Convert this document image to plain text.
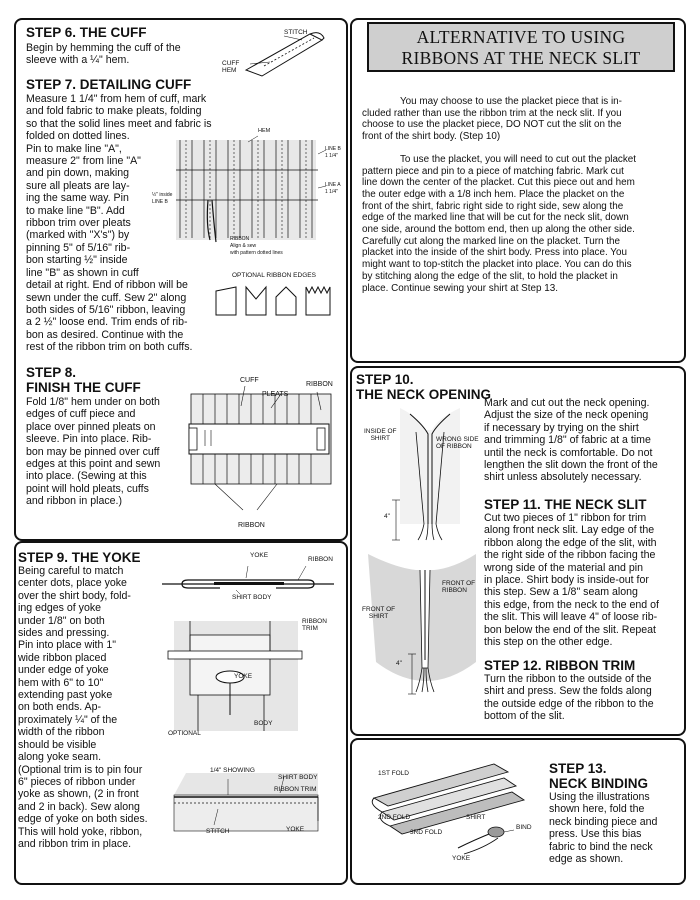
STEP 6. THE CUFF

Begin by hemming the cuff of the

sleeve with a ¼" hem.

STITCH
CUFF
HEM

STEP 7. DETAILING CUFF

Measure 1 1/4" from hem of cuff, mark

and fold fabric to make pleats, folding

so that the solid lines meet and fabric is

folded on dotted lines.

Pin to make line "A",

measure 2" from line "A"

and pin down, making

sure all pleats are lay-

ing the same way. Pin

to make line "B". Add

ribbon trim over pleats

(marked with "X's") by

pinning 5" of 5/16" rib-

bon starting ½" inside

line "B" as shown in cuff

detail at right. End of ribbon will be

sewn under the cuff. Sew 2" along

both sides of 5/16" ribbon, leaving

a 2 ½" loose end. Trim ends of rib-

bon as desired. Continue with the

rest of the ribbon trim on both cuffs.

HEM
LINE B
1 1/4"
LINE A
1 1/4"
½" inside
LINE B
RIBBON
Align & sew
with pattern dotted lines
OPTIONAL RIBBON EDGES

STEP 8.

FINISH THE CUFF

Fold 1/8" hem under on both

edges of cuff piece and

place over pinned pleats on

sleeve. Pin into place. Rib-

bon may be pinned over cuff

edges at this point and sewn

into place. (Sewing at this

point will hold pleats, cuffs

and ribbon in place.)

CUFF
PLEATS
RIBBON
RIBBON

STEP 9. THE YOKE

Being careful to match

center dots, place yoke

over the shirt body, fold-

ing edges of yoke

under 1/8" on both

sides and pressing.

Pin into place with 1"

wide ribbon placed

under edge of yoke

hem with 6" to 10"

extending past yoke

on both ends. Ap-

proximately ¼" of the

width of the ribbon

should be visible

along yoke seam.

(Optional trim is to pin four

6" pieces of ribbon under

yoke as shown, (2 in front

and 2 in back). Sew along

edge of yoke on both sides.

This will hold yoke, ribbon,

and ribbon trim in place.

YOKE
RIBBON
SHIRT BODY
RIBBON
TRIM
YOKE
BODY
OPTIONAL
1/4" SHOWING
SHIRT BODY
RIBBON TRIM
STITCH	YOKE
ALTERNATIVE TO USING
RIBBONS AT THE NECK SLIT

You may choose to use the placket piece that is in-

cluded rather than use the ribbon trim at the neck slit. If you

choose to use the placket piece, DO NOT cut the slit on the

front of the shirt body. (Step 10)

To use the placket, you will need to cut out the placket

pattern piece and pin to a piece of matching fabric. Mark cut

line down the center of the placket. Cut this piece out and hem

the outer edge with a 1/8 inch hem. Place the placket on the

front of the shirt, fabric right side to right side, sew along the

edge of the marked line that will be cut for the neck slit, down

one side, around the bottom end, then up along the other side.

Carefully cut along the marked line on the placket. Turn the

placket into the inside of the shirt body. Press into place. You

might want to top-stitch the placket into place. You can do this

by stitching along the edge of the slit, to hold the placket in

place. Continue sewing your shirt at Step 13.

STEP 10.

THE NECK OPENING

Mark and cut out the neck opening.

Adjust the size of the neck opening

if necessary by trying on the shirt

and trimming 1/8" of fabric at a time

until the neck is comfortable. Do not

lengthen the slit down the front of the

shirt unless absolutely necessary.

INSIDE OF
SHIRT	WRONG SIDE
OF RIBBON
4"
FRONT OF
RIBBON
FRONT OF
SHIRT
4"

STEP 11. THE NECK SLIT

Cut two pieces of 1" ribbon for trim

along front neck slit. Lay edge of the

ribbon along the edge of the slit, with

the right side of the ribbon facing the

wrong side of the material and pin

in place. Shirt body is inside-out for

this step. Sew a 1/8" seam along

this edge, from the neck to the end of

the slit. This will leave 4" of loose rib-

bon below the end of the slit. Repeat

this step on the other edge.

STEP 12. RIBBON TRIM

Turn the ribbon to the outside of the

shirt and press. Sew the folds along

the outside edge of the ribbon to the

bottom of the slit.

STEP 13.

NECK BINDING

Using the illustrations

shown here, fold the

neck binding piece and

press. Use this bias

fabric to bind the neck

edge as shown.

1ST FOLD
2ND FOLD
3RD FOLD
SHIRT
BIND
YOKE
